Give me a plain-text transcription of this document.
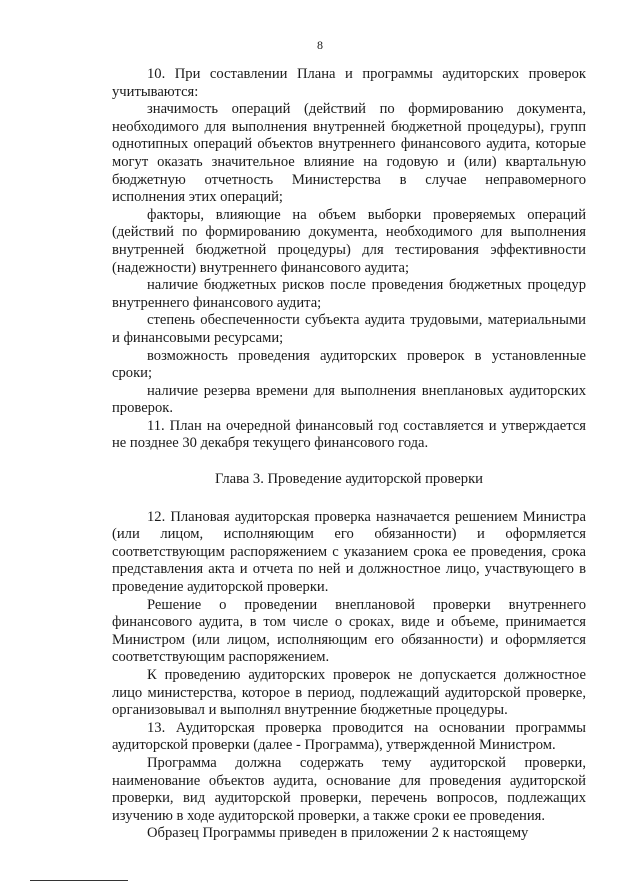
8

10. При составлении Плана и программы аудиторских проверок учитываются:

значимость операций (действий по формированию документа, необходимого для выполнения внутренней бюджетной процедуры), групп однотипных операций объектов внутреннего финансового аудита, которые могут оказать значительное влияние на годовую и (или) квартальную бюджетную отчетность Министерства в случае неправомерного исполнения этих операций;

факторы, влияющие на объем выборки проверяемых операций (действий по формированию документа, необходимого для выполнения внутренней бюджетной процедуры) для тестирования эффективности (надежности) внутреннего финансового аудита;

наличие бюджетных рисков после проведения бюджетных процедур внутреннего финансового аудита;

степень обеспеченности субъекта аудита трудовыми, материальными и финансовыми ресурсами;

возможность проведения аудиторских проверок в установленные сроки;

наличие резерва времени для выполнения внеплановых аудиторских проверок.

11. План на очередной финансовый год составляется и утверждается не позднее 30 декабря текущего финансового года.

Глава 3. Проведение аудиторской проверки

12. Плановая аудиторская проверка назначается решением Министра (или лицом, исполняющим его обязанности) и оформляется соответствующим распоряжением с указанием срока ее проведения, срока представления акта и отчета по ней и должностное лицо, участвующего в проведение аудиторской проверки.

Решение о проведении внеплановой проверки внутреннего финансового аудита, в том числе о сроках, виде и объеме, принимается Министром (или лицом, исполняющим его обязанности) и оформляется соответствующим распоряжением.

К проведению аудиторских проверок не допускается должностное лицо министерства, которое в период, подлежащий аудиторской проверке, организовывал и выполнял внутренние бюджетные процедуры.

13. Аудиторская проверка проводится на основании программы аудиторской проверки (далее - Программа), утвержденной Министром.

Программа должна содержать тему аудиторской проверки, наименование объектов аудита, основание для проведения аудиторской проверки, вид аудиторской проверки, перечень вопросов, подлежащих изучению в ходе аудиторской проверки, а также сроки ее проведения.

Образец Программы приведен в приложении 2 к настоящему
